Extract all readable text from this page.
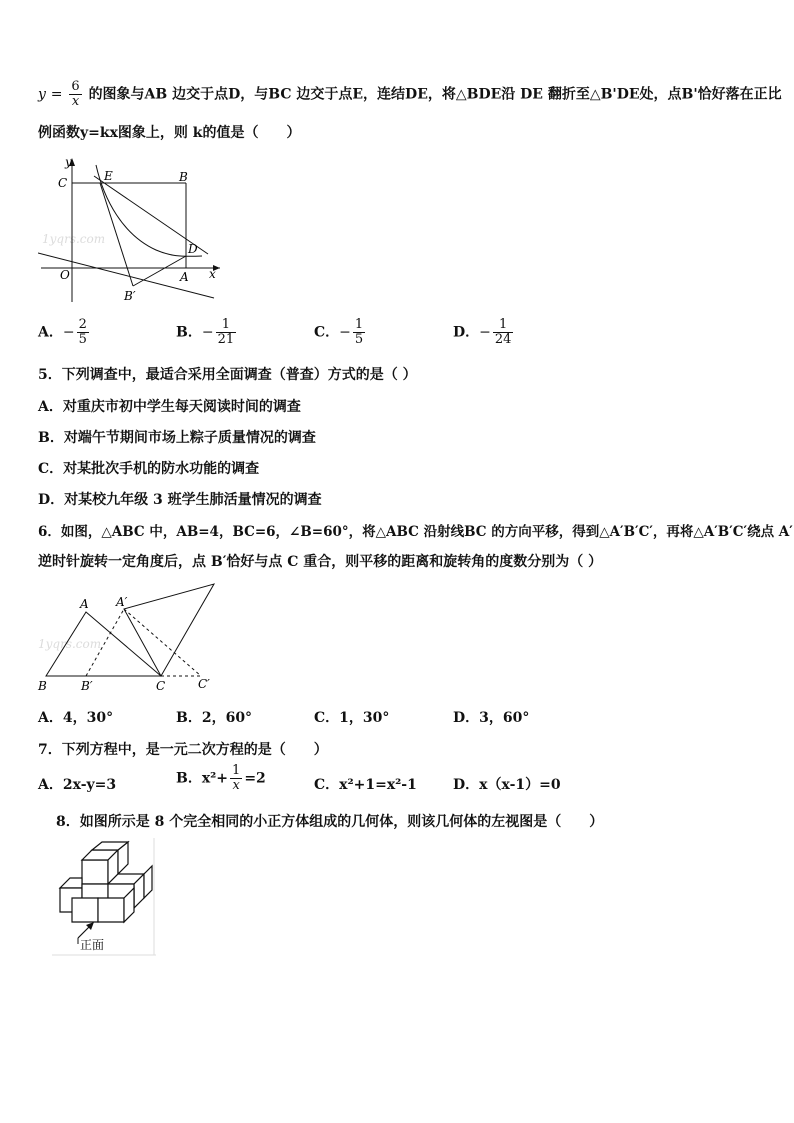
$y = \frac{6}{x}$ 的图象与AB 边交于点D，与BC 边交于点E，连结DE，将△BDE沿 DE 翻折至△B'DE处，点B'恰好落在正比
例函数y=kx图象上，则 k的值是（　　）
1yqrs.com
y
C	E	B
D
O	A x
B′
A．− $\frac{2}{5}$	B．− $\frac{1}{21}$	C．− $\frac{1}{5}$	D．− $\frac{1}{24}$
5．下列调查中，最适合采用全面调查（普查）方式的是（ ）
A．对重庆市初中学生每天阅读时间的调查
B．对端午节期间市场上粽子质量情况的调查
C．对某批次手机的防水功能的调查
D．对某校九年级 3 班学生肺活量情况的调查
6．如图，△ABC 中，AB=4，BC=6，∠B=60°，将△ABC 沿射线BC 的方向平移，得到△A′B′C′，再将△A′B′C′绕点 A′
逆时针旋转一定角度后，点 B′恰好与点 C 重合，则平移的距离和旋转角的度数分别为（ ）
1yqrs.com
A A′
B	B′	C	C′
A．4，30°	B．2，60°	C．1，30°	D．3，60°
7．下列方程中，是一元二次方程的是（　　）
A．2x-y=3	B．$x^2+ \frac{1}{x} =2$	C．x²+1=x²-1	D．x（x-1）=0
8．如图所示是 8 个完全相同的小正方体组成的几何体，则该几何体的左视图是（　　）
正面
